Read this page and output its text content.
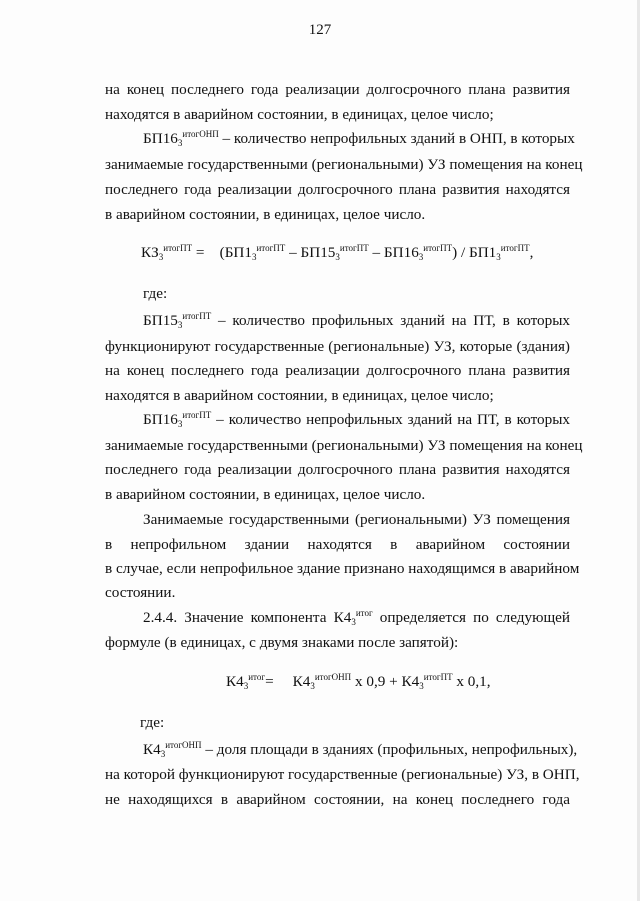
127
на конец последнего года реализации долгосрочного плана развития
находятся в аварийном состоянии, в единицах, целое число;
$БП16_3^{итогОНП}$ – количество непрофильных зданий в ОНП, в которых
занимаемые государственными (региональными) УЗ помещения на конец
последнего года реализации долгосрочного плана развития находятся
в аварийном состоянии, в единицах, целое число.
$КЗ_3^{итогПТ} = (БП1_3^{итогПТ} - БП15_3^{итогПТ} - БП16_3^{итогПТ}) / БП1_3^{итогПТ}$,
где:
$БП15_3^{итогПТ}$ – количество профильных зданий на ПТ, в которых
функционируют государственные (региональные) УЗ, которые (здания)
на конец последнего года реализации долгосрочного плана развития
находятся в аварийном состоянии, в единицах, целое число;
$БП16_3^{итогПТ}$ – количество непрофильных зданий на ПТ, в которых
занимаемые государственными (региональными) УЗ помещения на конец
последнего года реализации долгосрочного плана развития находятся
в аварийном состоянии, в единицах, целое число.
Занимаемые государственными (региональными) УЗ помещения
в непрофильном здании находятся в аварийном состоянии
в случае, если непрофильное здание признано находящимся в аварийном
состоянии.
2.4.4. Значение компонента $К4_3^{итог}$ определяется по следующей
формуле (в единицах, с двумя знаками после запятой):
$К4_3^{итог}= К4_3^{итогОНП}$ х $0,9 + К4_3^{итогПТ}$ х 0,1,
где:
$К4_3^{итогОНП}$ – доля площади в зданиях (профильных, непрофильных),
на которой функционируют государственные (региональные) УЗ, в ОНП,
не находящихся в аварийном состоянии, на конец последнего года
